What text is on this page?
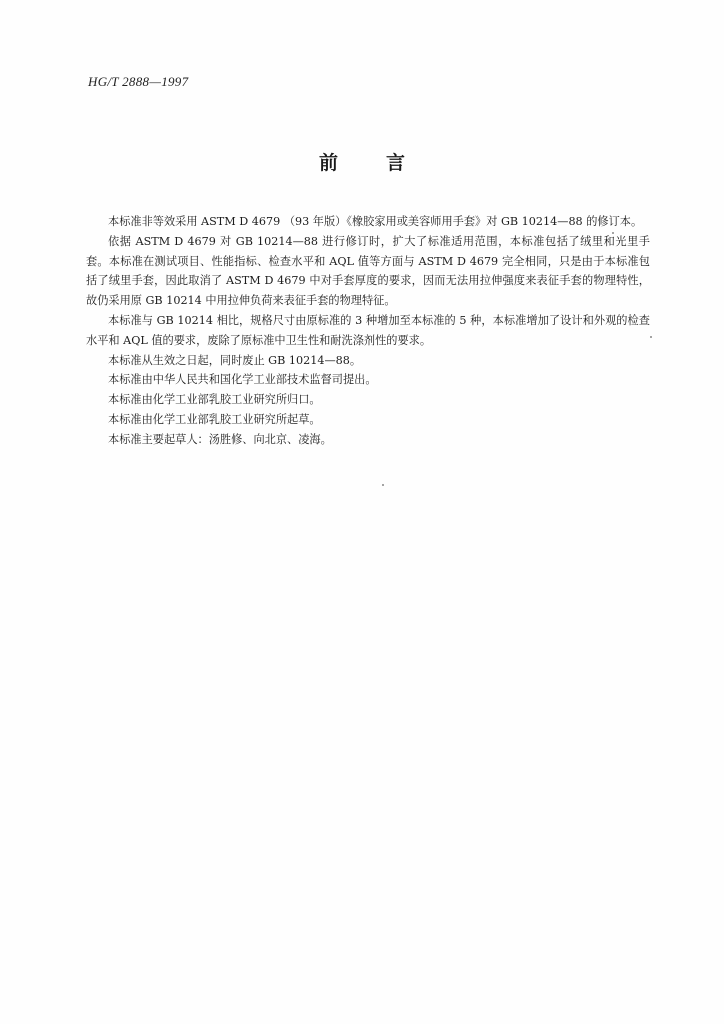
HG/T 2888—1997
前	言

本标准非等效采用 ASTM D 4679 （93 年版）《橡胶家用或美容师用手套》对 GB 10214—88 的修订本。

依据 ASTM D 4679 对 GB 10214—88 进行修订时，扩大了标准适用范围，本标准包括了绒里和光里手套。本标准在测试项目、性能指标、检查水平和 AQL 值等方面与 ASTM D 4679 完全相同，只是由于本标准包括了绒里手套，因此取消了 ASTM D 4679 中对手套厚度的要求，因而无法用拉伸强度来表征手套的物理特性，故仍采用原 GB 10214 中用拉伸负荷来表征手套的物理特征。

本标准与 GB 10214 相比，规格尺寸由原标准的 3 种增加至本标准的 5 种，本标准增加了设计和外观的检查水平和 AQL 值的要求，废除了原标准中卫生性和耐洗涤剂性的要求。

本标准从生效之日起，同时废止 GB 10214—88。

本标准由中华人民共和国化学工业部技术监督司提出。

本标准由化学工业部乳胶工业研究所归口。

本标准由化学工业部乳胶工业研究所起草。

本标准主要起草人：汤胜修、向北京、凌海。
